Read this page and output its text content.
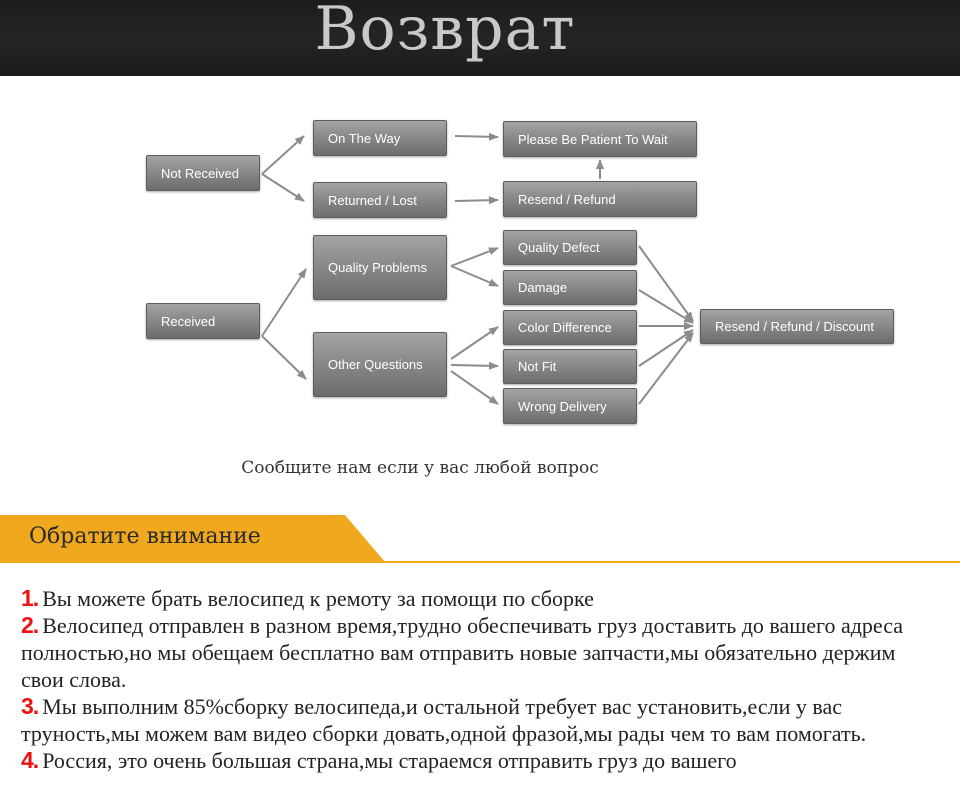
Возврат
Not Received
On The Way
Returned / Lost
Please Be Patient To Wait
Resend / Refund
Received
Quality Problems
Other Questions
Quality Defect
Damage
Color Difference
Not Fit
Wrong Delivery
Resend / Refund / Discount
Сообщите нам если у вас любой вопрос
Обратите внимание

1. Вы можете брать велосипед к ремоту за помощи по сборке

2. Велосипед отправлен в разном время,трудно обеспечивать груз доставить до вашего адреса полностью,но мы обещаем бесплатно вам отправить новые запчасти,мы обязательно держим свои слова.

3. Мы выполним 85%сборку велосипеда,и остальной требует вас установить,если у вас труность,мы можем вам видео сборки довать,одной фразой,мы рады чем то вам помогать.

4. Россия, это очень большая страна,мы стараемся отправить груз до вашего
